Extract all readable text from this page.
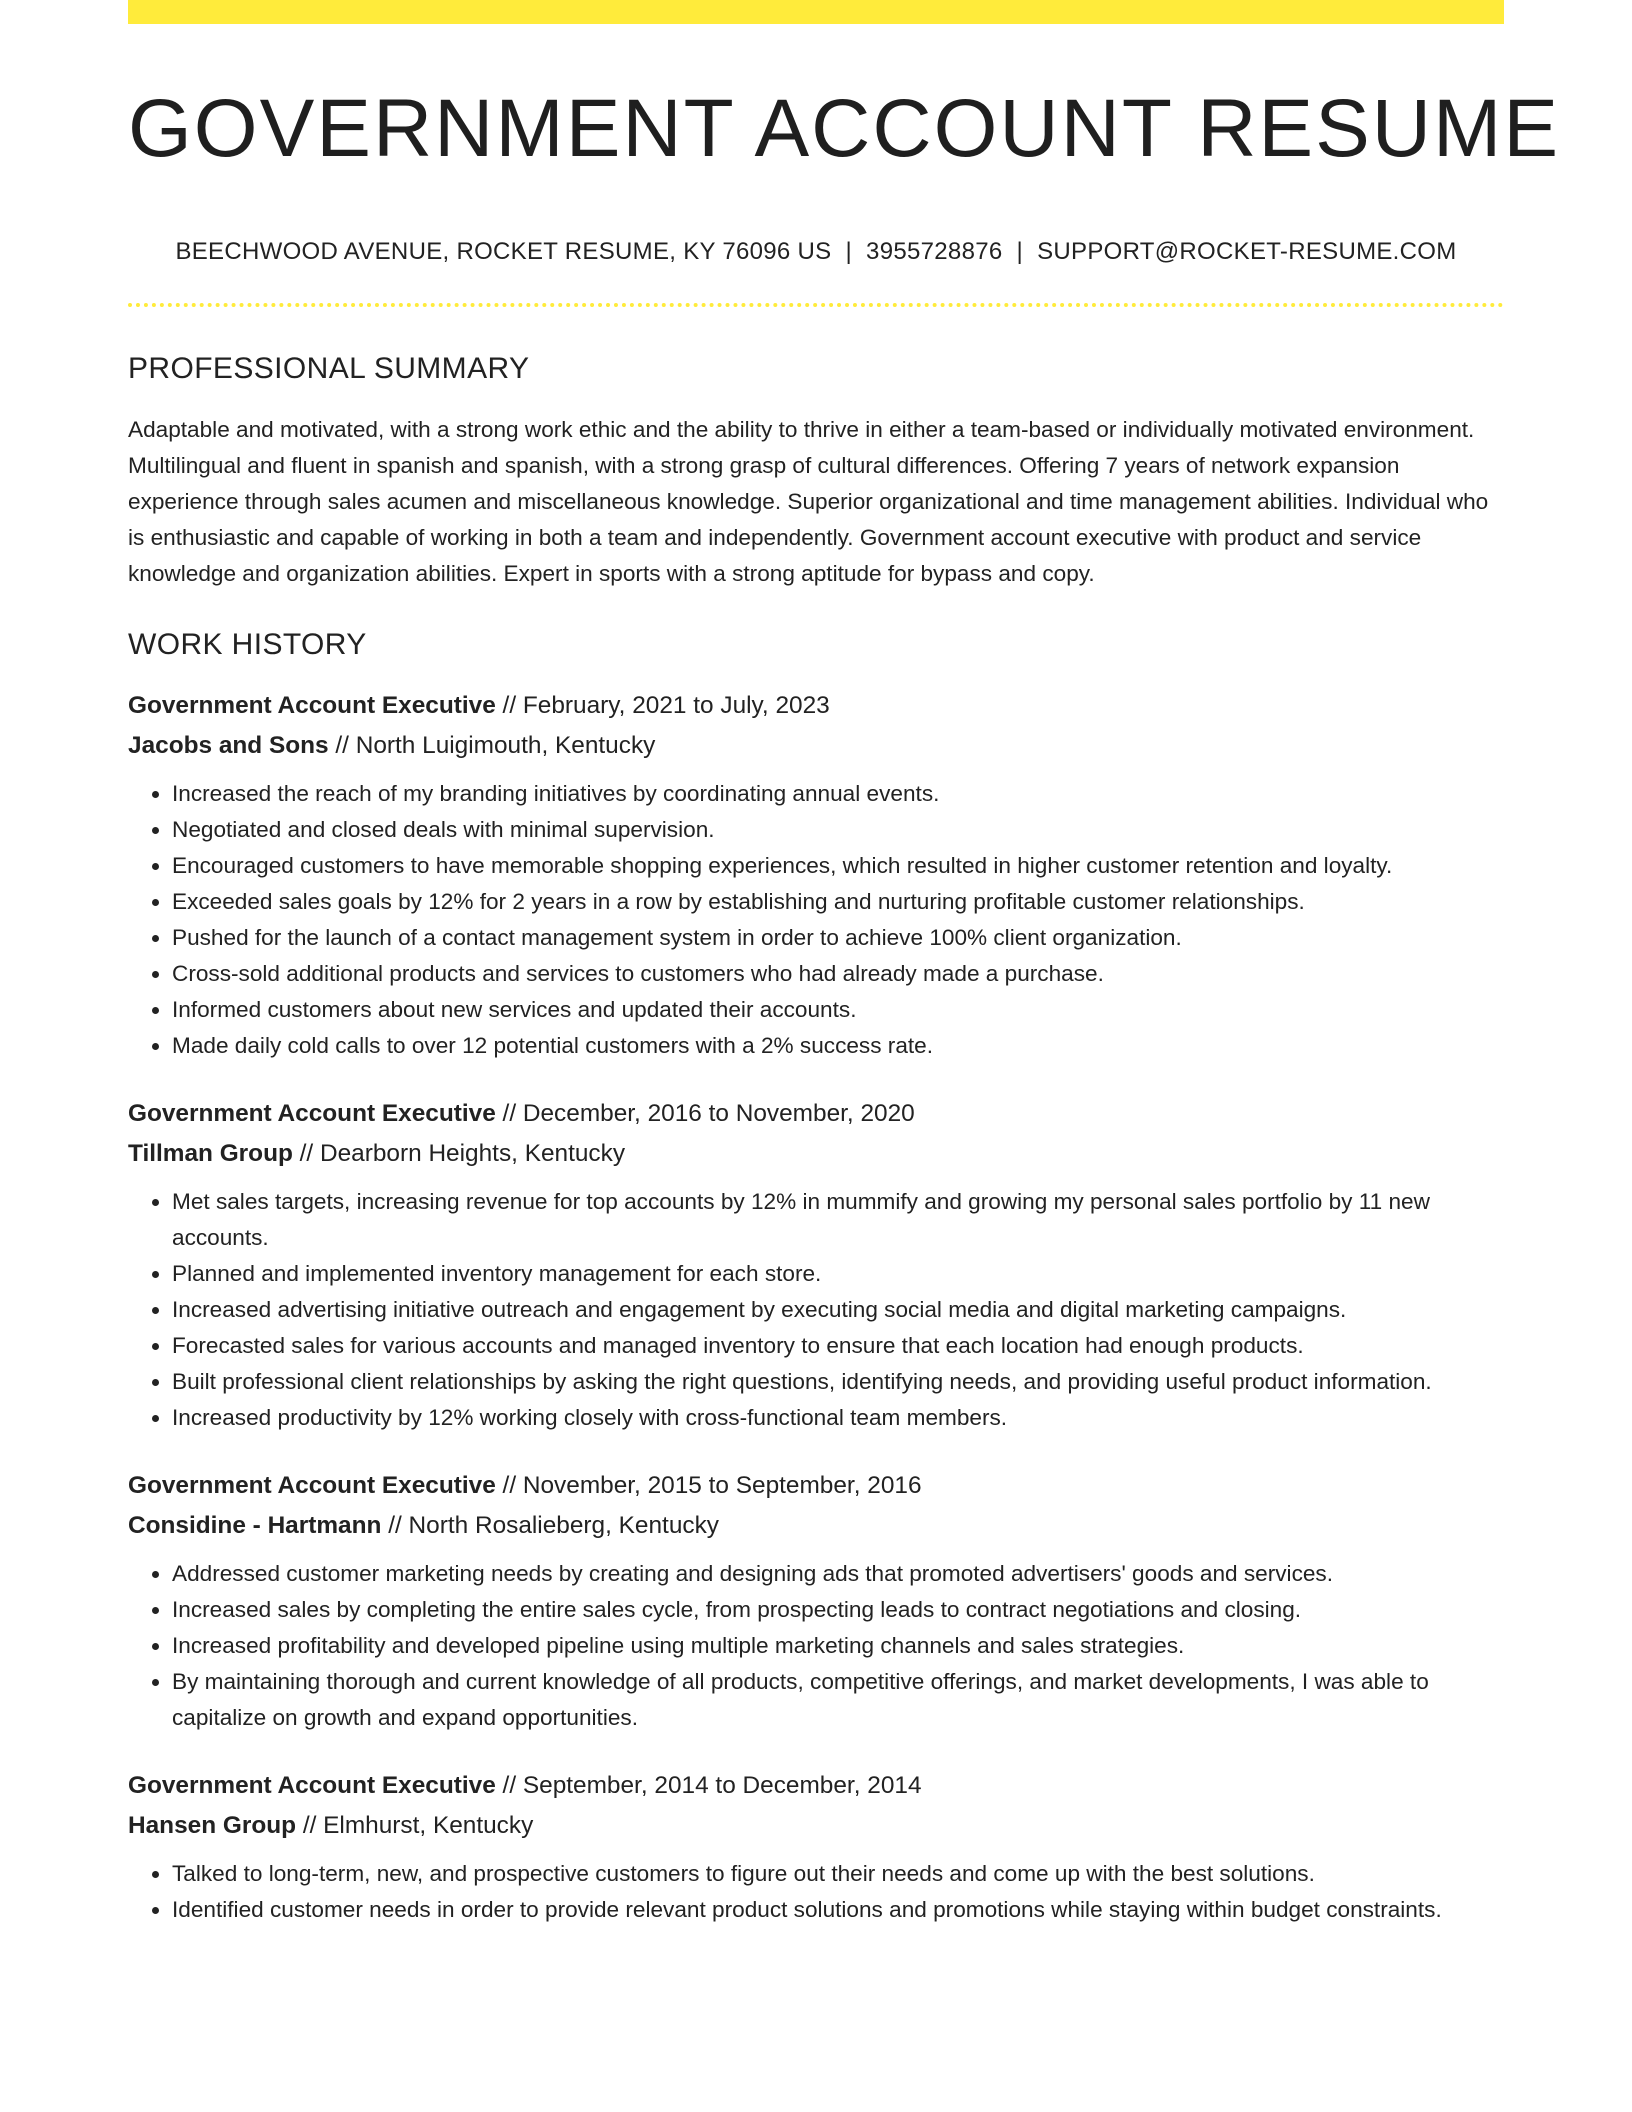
GOVERNMENT ACCOUNT RESUME
BEECHWOOD AVENUE, ROCKET RESUME, KY 76096 US | 3955728876 | SUPPORT@ROCKET-RESUME.COM
PROFESSIONAL SUMMARY

Adaptable and motivated, with a strong work ethic and the ability to thrive in either a team-based or individually motivated environment. Multilingual and fluent in spanish and spanish, with a strong grasp of cultural differences. Offering 7 years of network expansion experience through sales acumen and miscellaneous knowledge. Superior organizational and time management abilities. Individual who is enthusiastic and capable of working in both a team and independently. Government account executive with product and service knowledge and organization abilities. Expert in sports with a strong aptitude for bypass and copy.

WORK HISTORY
Government Account Executive // February, 2021 to July, 2023
Jacobs and Sons // North Luigimouth, Kentucky
• Increased the reach of my branding initiatives by coordinating annual events.
• Negotiated and closed deals with minimal supervision.
• Encouraged customers to have memorable shopping experiences, which resulted in higher customer retention and loyalty.
• Exceeded sales goals by 12% for 2 years in a row by establishing and nurturing profitable customer relationships.
• Pushed for the launch of a contact management system in order to achieve 100% client organization.
• Cross-sold additional products and services to customers who had already made a purchase.
• Informed customers about new services and updated their accounts.
• Made daily cold calls to over 12 potential customers with a 2% success rate.
Government Account Executive // December, 2016 to November, 2020
Tillman Group // Dearborn Heights, Kentucky
• Met sales targets, increasing revenue for top accounts by 12% in mummify and growing my personal sales portfolio by 11 new accounts.
• Planned and implemented inventory management for each store.
• Increased advertising initiative outreach and engagement by executing social media and digital marketing campaigns.
• Forecasted sales for various accounts and managed inventory to ensure that each location had enough products.
• Built professional client relationships by asking the right questions, identifying needs, and providing useful product information.
• Increased productivity by 12% working closely with cross-functional team members.
Government Account Executive // November, 2015 to September, 2016
Considine - Hartmann // North Rosalieberg, Kentucky
• Addressed customer marketing needs by creating and designing ads that promoted advertisers' goods and services.
• Increased sales by completing the entire sales cycle, from prospecting leads to contract negotiations and closing.
• Increased profitability and developed pipeline using multiple marketing channels and sales strategies.
• By maintaining thorough and current knowledge of all products, competitive offerings, and market developments, I was able to capitalize on growth and expand opportunities.
Government Account Executive // September, 2014 to December, 2014
Hansen Group // Elmhurst, Kentucky
• Talked to long-term, new, and prospective customers to figure out their needs and come up with the best solutions.
• Identified customer needs in order to provide relevant product solutions and promotions while staying within budget constraints.
